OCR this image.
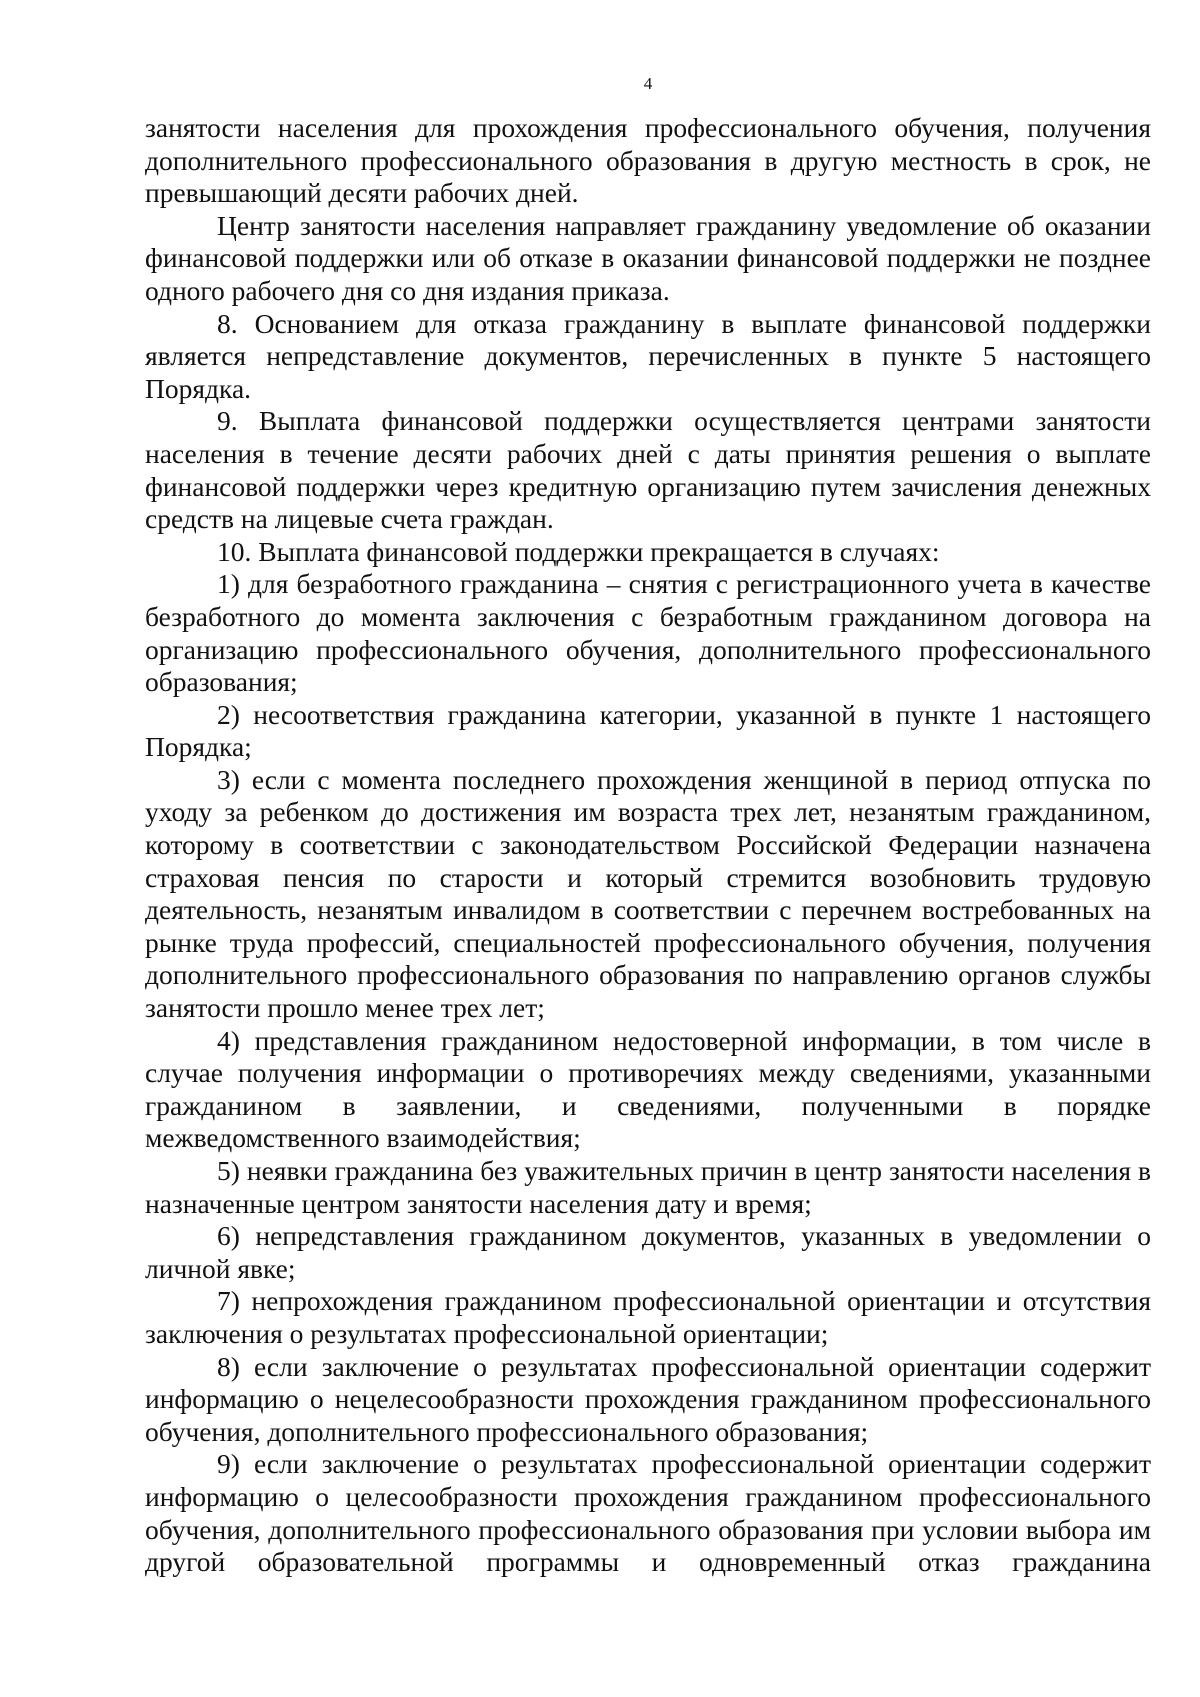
4

занятости населения для прохождения профессионального обучения, получения дополнительного профессионального образования в другую местность в срок, не превышающий десяти рабочих дней.

Центр занятости населения направляет гражданину уведомление об оказании финансовой поддержки или об отказе в оказании финансовой поддержки не позднее одного рабочего дня со дня издания приказа.

8. Основанием для отказа гражданину в выплате финансовой поддержки является непредставление документов, перечисленных в пункте 5 настоящего Порядка.

9. Выплата финансовой поддержки осуществляется центрами занятости населения в течение десяти рабочих дней с даты принятия решения о выплате финансовой поддержки через кредитную организацию путем зачисления денежных средств на лицевые счета граждан.

10. Выплата финансовой поддержки прекращается в случаях:

1) для безработного гражданина – снятия с регистрационного учета в качестве безработного до момента заключения с безработным гражданином договора на организацию профессионального обучения, дополнительного профессионального образования;

2) несоответствия гражданина категории, указанной в пункте 1 настоящего Порядка;

3) если с момента последнего прохождения женщиной в период отпуска по уходу за ребенком до достижения им возраста трех лет, незанятым гражданином, которому в соответствии с законодательством Российской Федерации назначена страховая пенсия по старости и который стремится возобновить трудовую деятельность, незанятым инвалидом в соответствии с перечнем востребованных на рынке труда профессий, специальностей профессионального обучения, получения дополнительного профессионального образования по направлению органов службы занятости прошло менее трех лет;

4) представления гражданином недостоверной информации, в том числе в случае получения информации о противоречиях между сведениями, указанными гражданином в заявлении, и сведениями, полученными в порядке межведомственного взаимодействия;

5) неявки гражданина без уважительных причин в центр занятости населения в назначенные центром занятости населения дату и время;

6) непредставления гражданином документов, указанных в уведомлении о личной явке;

7) непрохождения гражданином профессиональной ориентации и отсутствия заключения о результатах профессиональной ориентации;

8) если заключение о результатах профессиональной ориентации содержит информацию о нецелесообразности прохождения гражданином профессионального обучения, дополнительного профессионального образования;

9) если заключение о результатах профессиональной ориентации содержит информацию о целесообразности прохождения гражданином профессионального обучения, дополнительного профессионального образования при условии выбора им другой образовательной программы и одновременный отказ гражданина
